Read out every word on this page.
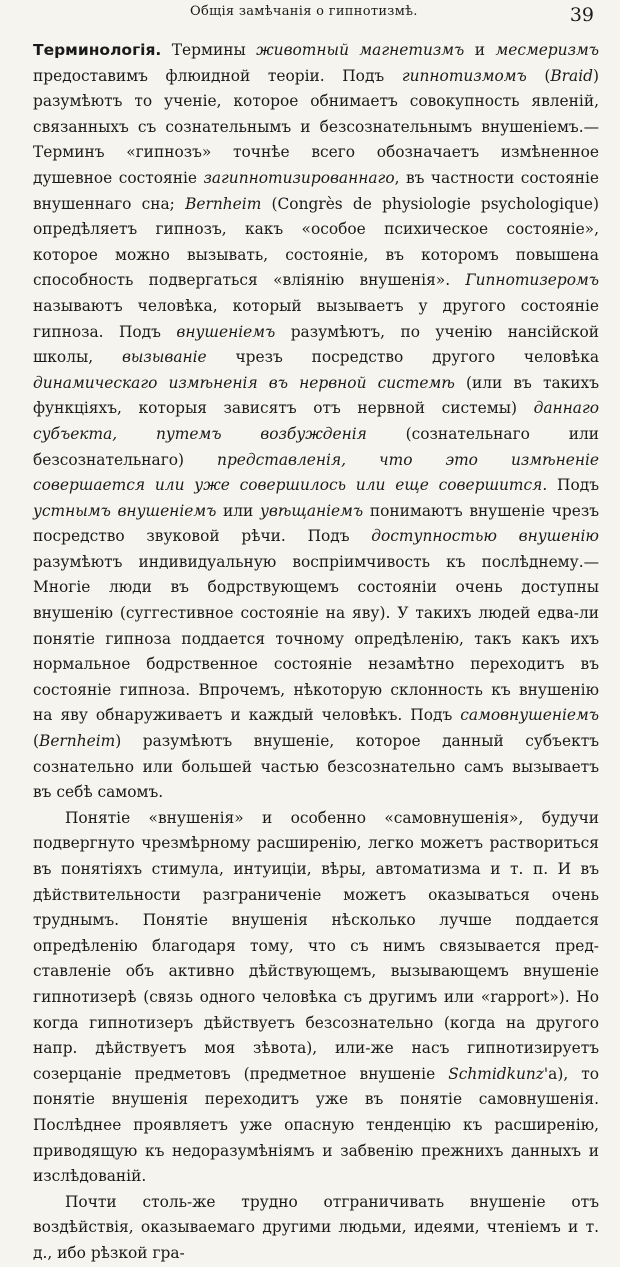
Общія замѣчанія о гипнотизмѣ.	39

Терминологія. Термины животный магнетизмъ и месмеризмъ предоставимъ флюидной теоріи. Подъ гипнотизмомъ (Braid) разумѣютъ то ученіе, которое обнимаетъ совокупность явленій, связанныхъ съ сознательнымъ и безсознательнымъ внушеніемъ.—Терминъ «гипнозъ» точнѣе всего обозначаетъ измѣненное душевное состояніе загипнотизированнаго, въ частности состояніе внушеннаго сна; Bernheim (Congrès de physiologie psychologique) опредѣляетъ гипнозъ, какъ «особое психическое состояніе», которое можно вызывать, состояніе, въ которомъ повышена способность подвергаться «вліянію внушенія». Гипнотизеромъ называютъ человѣка, который вызываетъ у другого состояніе гипноза. Подъ внушеніемъ разумѣютъ, по ученію нансійской школы, вызываніе чрезъ посредство другого человѣка динамическаго измѣненія въ нервной системѣ (или въ такихъ функціяхъ, которыя зависятъ отъ нервной системы) даннаго субъекта, путемъ возбужденія (сознательнаго или безсознательнаго) представленія, что это измѣненіе совершается или уже совершилось или еще совершится. Подъ устнымъ внушеніемъ или увѣщаніемъ понимаютъ внушеніе чрезъ посредство звуковой рѣчи. Подъ доступностью внушенію разумѣютъ индивидуальную воспріимчивость къ послѣднему.—Многіе люди въ бодрствующемъ состояніи очень доступны внушенію (суггестивное состояніе на яву). У такихъ людей едва-ли понятіе гипноза поддается точному опредѣленію, такъ какъ ихъ нормальное бодрственное состояніе незамѣтно переходитъ въ состояніе гипноза. Впрочемъ, нѣкоторую склонность къ внушенію на яву обнаруживаетъ и каждый человѣкъ. Подъ самовнушеніемъ (Bernheim) разумѣютъ внушеніе, которое данный субъектъ сознательно или большей частью безсознательно самъ вызываетъ въ себѣ самомъ.

Понятіе «внушенія» и особенно «самовнушенія», будучи подвергнуто чрезмѣрному расширенію, легко можетъ раствориться въ понятіяхъ стимула, интуиціи, вѣры, автоматизма и т. п. И въ дѣйствительности разграниченіе можетъ оказываться очень труднымъ. Понятіе внушенія нѣсколько лучше поддается опредѣленію благодаря тому, что съ нимъ связывается представленіе объ активно дѣйствующемъ, вызывающемъ внушеніе гипнотизерѣ (связь одного человѣка съ другимъ или «rapport»). Но когда гипнотизеръ дѣйствуетъ безсознательно (когда на другого напр. дѣйствуетъ моя зѣвота), или-же насъ гипнотизируетъ созерцаніе предметовъ (предметное внушеніе Schmidkunz'а), то понятіе внушенія переходитъ уже въ понятіе самовнушенія. Послѣднее проявляетъ уже опасную тенденцію къ расширенію, приводящую къ недоразумѣніямъ и забвенію прежнихъ данныхъ и изслѣдованій.

Почти столь-же трудно отграничивать внушеніе отъ воздѣйствія, оказываемаго другими людьми, идеями, чтеніемъ и т. д., ибо рѣзкой гра-
